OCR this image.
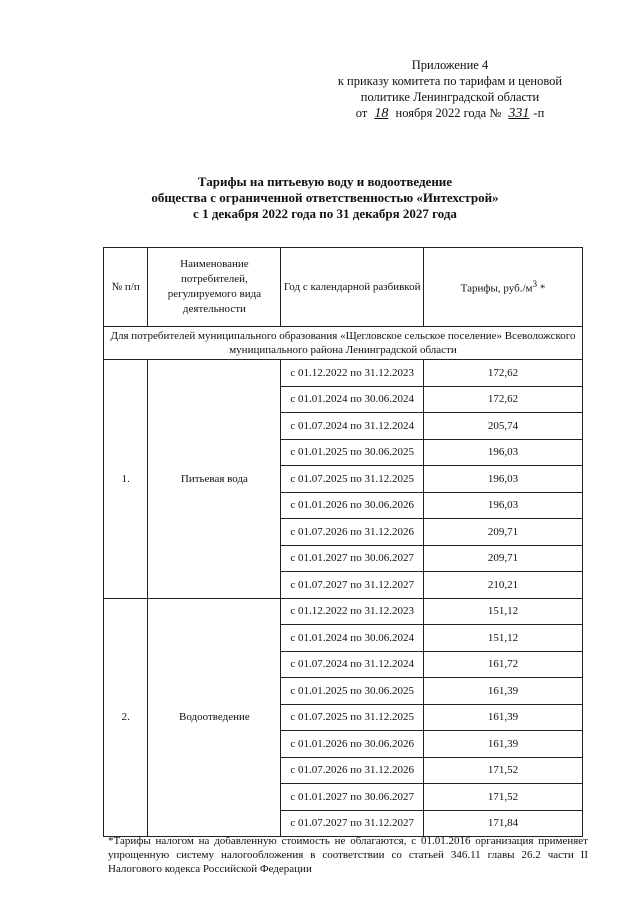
Приложение 4
к приказу комитета по тарифам и ценовой
политике Ленинградской области
от 18 ноября 2022 года № 331 -п
Тарифы на питьевую воду и водоотведение
общества с ограниченной ответственностью «Интехстрой»
с 1 декабря 2022 года по 31 декабря 2027 года
№ п/п	Наименование потребителей, регулируемого вида деятельности	Год с календарной разбивкой	Тарифы, $руб./м^3$ *
Для потребителей муниципального образования «Щегловское сельское поселение» Всеволожского муниципального района Ленинградской области			
1.	Питьевая вода	с 01.12.2022 по 31.12.2023	172,62
		с 01.01.2024 по 30.06.2024	172,62
		с 01.07.2024 по 31.12.2024	205,74
		с 01.01.2025 по 30.06.2025	196,03
		с 01.07.2025 по 31.12.2025	196,03
		с 01.01.2026 по 30.06.2026	196,03
		с 01.07.2026 по 31.12.2026	209,71
		с 01.01.2027 по 30.06.2027	209,71
		с 01.07.2027 по 31.12.2027	210,21
2.	Водоотведение	с 01.12.2022 по 31.12.2023	151,12
		с 01.01.2024 по 30.06.2024	151,12
		с 01.07.2024 по 31.12.2024	161,72
		с 01.01.2025 по 30.06.2025	161,39
		с 01.07.2025 по 31.12.2025	161,39
		с 01.01.2026 по 30.06.2026	161,39
		с 01.07.2026 по 31.12.2026	171,52
		с 01.01.2027 по 30.06.2027	171,52
		с 01.07.2027 по 31.12.2027	171,84
*Тарифы налогом на добавленную стоимость не облагаются, с 01.01.2016 организация применяет упрощенную систему налогообложения в соответствии со статьей 346.11 главы 26.2 части II Налогового кодекса Российской Федерации
